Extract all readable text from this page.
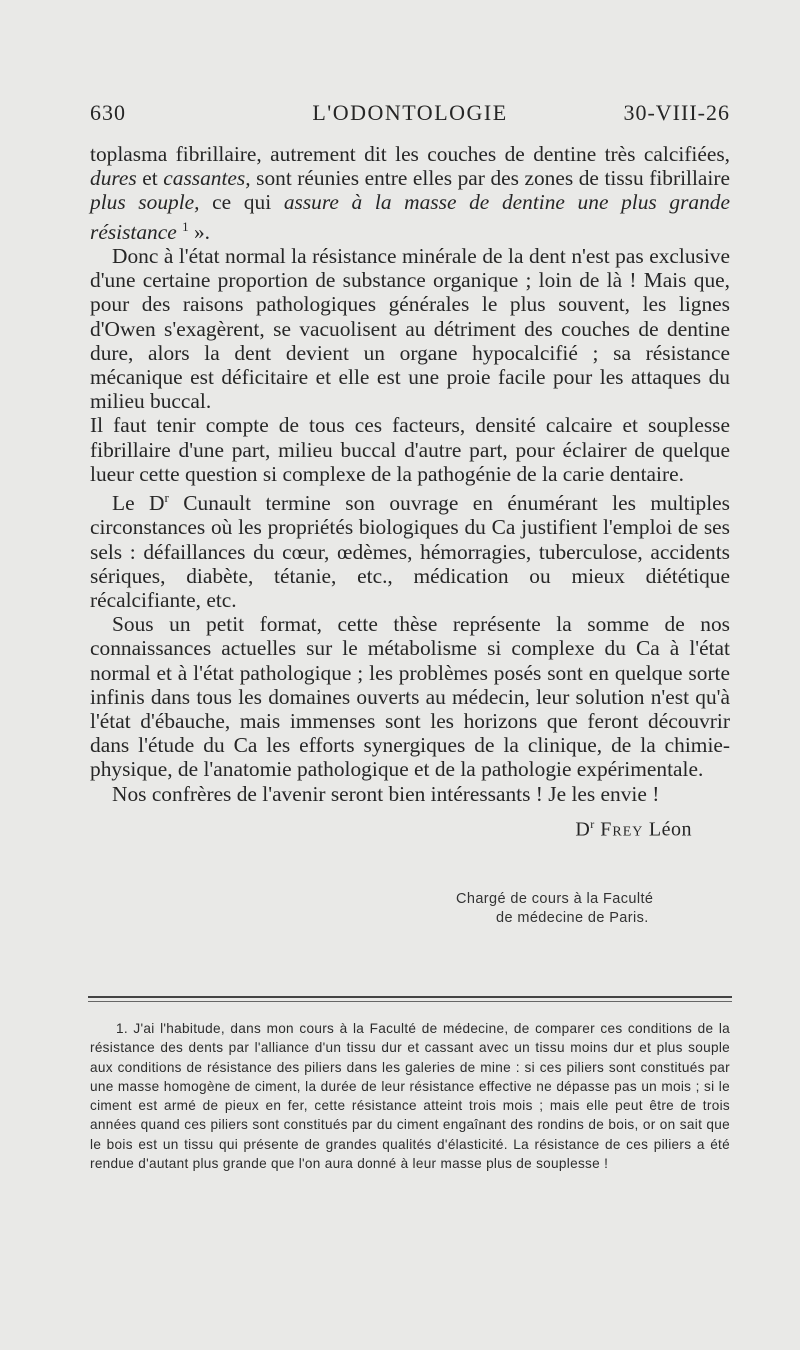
630	L'ODONTOLOGIE	30-VIII-26

toplasma fibrillaire, autrement dit les couches de dentine très calcifiées, dures et cassantes, sont réunies entre elles par des zones de tissu fibrillaire plus souple, ce qui assure à la masse de dentine une plus grande résistance $^1$ ».

Donc à l'état normal la résistance minérale de la dent n'est pas exclusive d'une certaine proportion de substance organique ; loin de là ! Mais que, pour des raisons pathologiques générales le plus souvent, les lignes d'Owen s'exagèrent, se vacuolisent au détriment des couches de dentine dure, alors la dent devient un organe hypocalcifié ; sa résistance mécanique est déficitaire et elle est une proie facile pour les attaques du milieu buccal.

Il faut tenir compte de tous ces facteurs, densité calcaire et souplesse fibrillaire d'une part, milieu buccal d'autre part, pour éclairer de quelque lueur cette question si complexe de la pathogénie de la carie dentaire.

Le $D^r$ Cunault termine son ouvrage en énumérant les multiples circonstances où les propriétés biologiques du Ca justifient l'emploi de ses sels : défaillances du cœur, œdèmes, hémorragies, tuberculose, accidents sériques, diabète, tétanie, etc., médication ou mieux diététique récalcifiante, etc.

Sous un petit format, cette thèse représente la somme de nos connaissances actuelles sur le métabolisme si complexe du Ca à l'état normal et à l'état pathologique ; les problèmes posés sont en quelque sorte infinis dans tous les domaines ouverts au médecin, leur solution n'est qu'à l'état d'ébauche, mais immenses sont les horizons que feront découvrir dans l'étude du Ca les efforts synergiques de la clinique, de la chimie-physique, de l'anatomie pathologique et de la pathologie expérimentale.

Nos confrères de l'avenir seront bien intéressants ! Je les envie !

$D^r$ Frey Léon
Chargé de cours à la Faculté
de médecine de Paris.

1. J'ai l'habitude, dans mon cours à la Faculté de médecine, de comparer ces conditions de la résistance des dents par l'alliance d'un tissu dur et cassant avec un tissu moins dur et plus souple aux conditions de résistance des piliers dans les galeries de mine : si ces piliers sont constitués par une masse homogène de ciment, la durée de leur résistance effective ne dépasse pas un mois ; si le ciment est armé de pieux en fer, cette résistance atteint trois mois ; mais elle peut être de trois années quand ces piliers sont constitués par du ciment engaînant des rondins de bois, or on sait que le bois est un tissu qui présente de grandes qualités d'élasticité. La résistance de ces piliers a été rendue d'autant plus grande que l'on aura donné à leur masse plus de souplesse !
